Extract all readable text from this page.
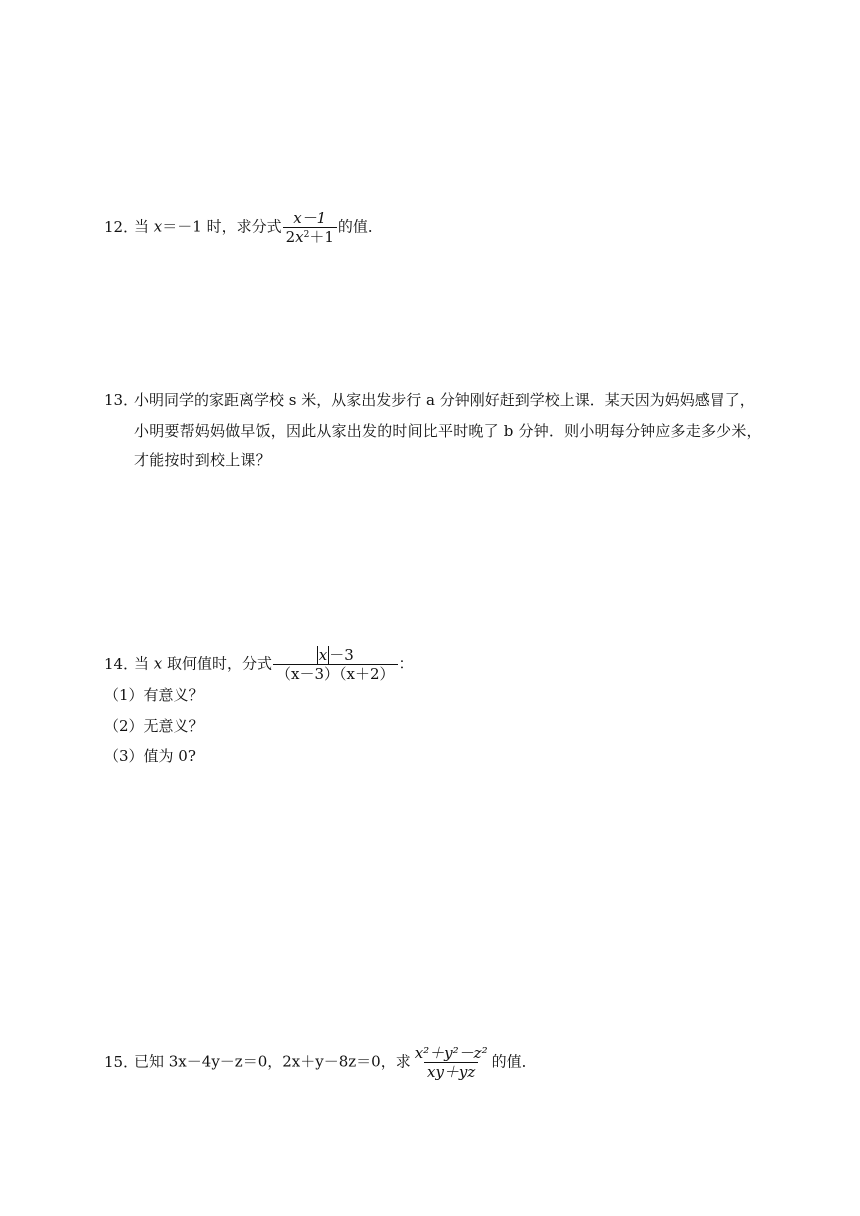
12．当 x＝－1 时，求分式 $\frac{x-1}{2x^2+1}$ 的值．
13．小明同学的家距离学校 s 米，从家出发步行 a 分钟刚好赶到学校上课．某天因为妈妈感冒了，
小明要帮妈妈做早饭，因此从家出发的时间比平时晚了 b 分钟．则小明每分钟应多走多少米，
才能按时到校上课？
14．当 x 取何值时，分式 $\frac{x -3}{(x-3)(x+2)}$ ：
（1）有意义？
（2）无意义？
（3）值为 0?
15．已知 3x－4y－z＝0，2x＋y－8z＝0，求 $\frac{\text{x²＋y²－z²}}{xy+yz}$ 的值．
